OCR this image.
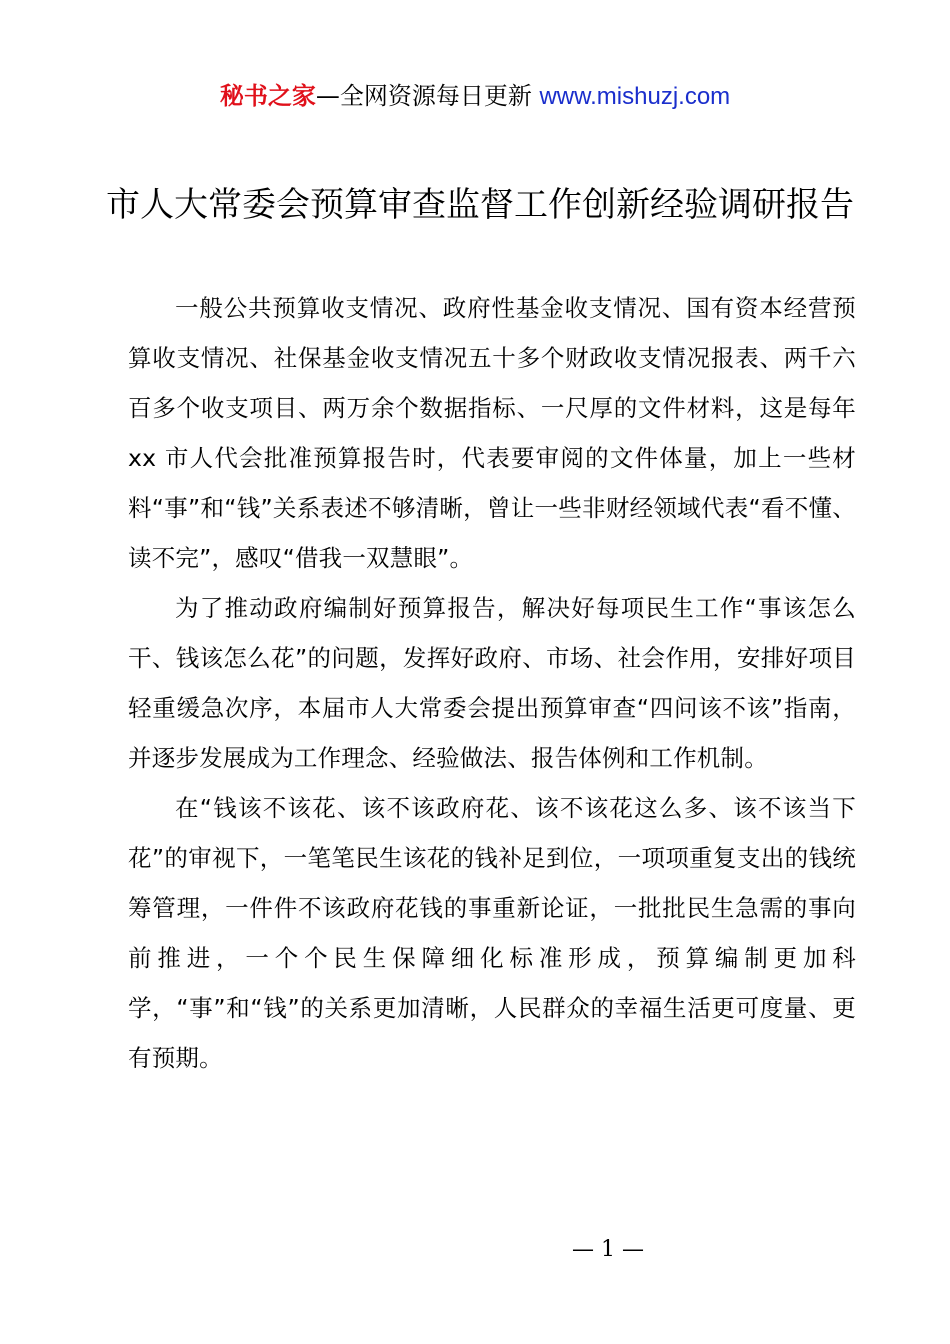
秘书之家—全网资源每日更新 www.mishuzj.com
市人大常委会预算审查监督工作创新经验调研报告

一般公共预算收支情况、政府性基金收支情况、国有资本经营预算收支情况、社保基金收支情况五十多个财政收支情况报表、两千六百多个收支项目、两万余个数据指标、一尺厚的文件材料，这是每年 xx 市人代会批准预算报告时，代表要审阅的文件体量，加上一些材料“事”和“钱”关系表述不够清晰，曾让一些非财经领域代表“看不懂、读不完”，感叹“借我一双慧眼”。

为了推动政府编制好预算报告，解决好每项民生工作“事该怎么干、钱该怎么花”的问题，发挥好政府、市场、社会作用，安排好项目轻重缓急次序，本届市人大常委会提出预算审查“四问该不该”指南，并逐步发展成为工作理念、经验做法、报告体例和工作机制。

在“钱该不该花、该不该政府花、该不该花这么多、该不该当下花”的审视下，一笔笔民生该花的钱补足到位，一项项重复支出的钱统筹管理，一件件不该政府花钱的事重新论证，一批批民生急需的事向前推进，一个个民生保障细化标准形成，预算编制更加科学，“事”和“钱”的关系更加清晰，人民群众的幸福生活更可度量、更有预期。

— 1 —
